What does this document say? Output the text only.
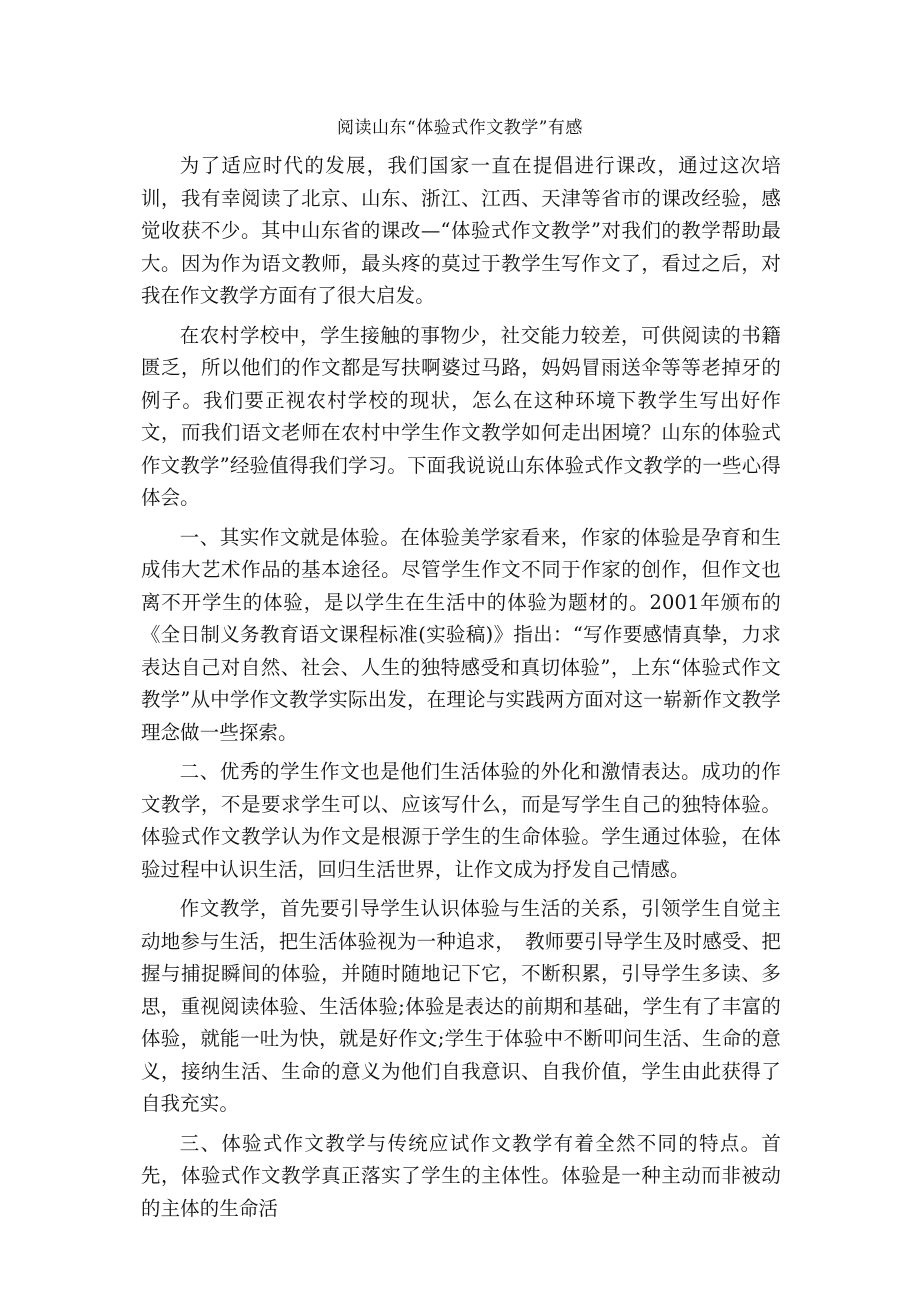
阅读山东“体验式作文教学”有感

为了适应时代的发展，我们国家一直在提倡进行课改，通过这次培训，我有幸阅读了北京、山东、浙江、江西、天津等省市的课改经验，感觉收获不少。其中山东省的课改—“体验式作文教学”对我们的教学帮助最大。因为作为语文教师，最头疼的莫过于教学生写作文了，看过之后，对我在作文教学方面有了很大启发。

在农村学校中，学生接触的事物少，社交能力较差，可供阅读的书籍匮乏，所以他们的作文都是写扶啊婆过马路，妈妈冒雨送伞等等老掉牙的例子。我们要正视农村学校的现状，怎么在这种环境下教学生写出好作文，而我们语文老师在农村中学生作文教学如何走出困境？山东的体验式作文教学”经验值得我们学习。下面我说说山东体验式作文教学的一些心得体会。

一、其实作文就是体验。在体验美学家看来，作家的体验是孕育和生成伟大艺术作品的基本途径。尽管学生作文不同于作家的创作，但作文也离不开学生的体验，是以学生在生活中的体验为题材的。2001年颁布的《全日制义务教育语文课程标准(实验稿)》指出：“写作要感情真挚，力求表达自己对自然、社会、人生的独特感受和真切体验”，上东“体验式作文教学”从中学作文教学实际出发，在理论与实践两方面对这一崭新作文教学理念做一些探索。

二、优秀的学生作文也是他们生活体验的外化和激情表达。成功的作文教学，不是要求学生可以、应该写什么，而是写学生自己的独特体验。体验式作文教学认为作文是根源于学生的生命体验。学生通过体验，在体验过程中认识生活，回归生活世界，让作文成为抒发自己情感。

作文教学，首先要引导学生认识体验与生活的关系，引领学生自觉主动地参与生活，把生活体验视为一种追求，　教师要引导学生及时感受、把握与捕捉瞬间的体验，并随时随地记下它，不断积累，引导学生多读、多思，重视阅读体验、生活体验;体验是表达的前期和基础，学生有了丰富的体验，就能一吐为快，就是好作文;学生于体验中不断叩问生活、生命的意义，接纳生活、生命的意义为他们自我意识、自我价值，学生由此获得了自我充实。

三、体验式作文教学与传统应试作文教学有着全然不同的特点。首先，体验式作文教学真正落实了学生的主体性。体验是一种主动而非被动的主体的生命活
